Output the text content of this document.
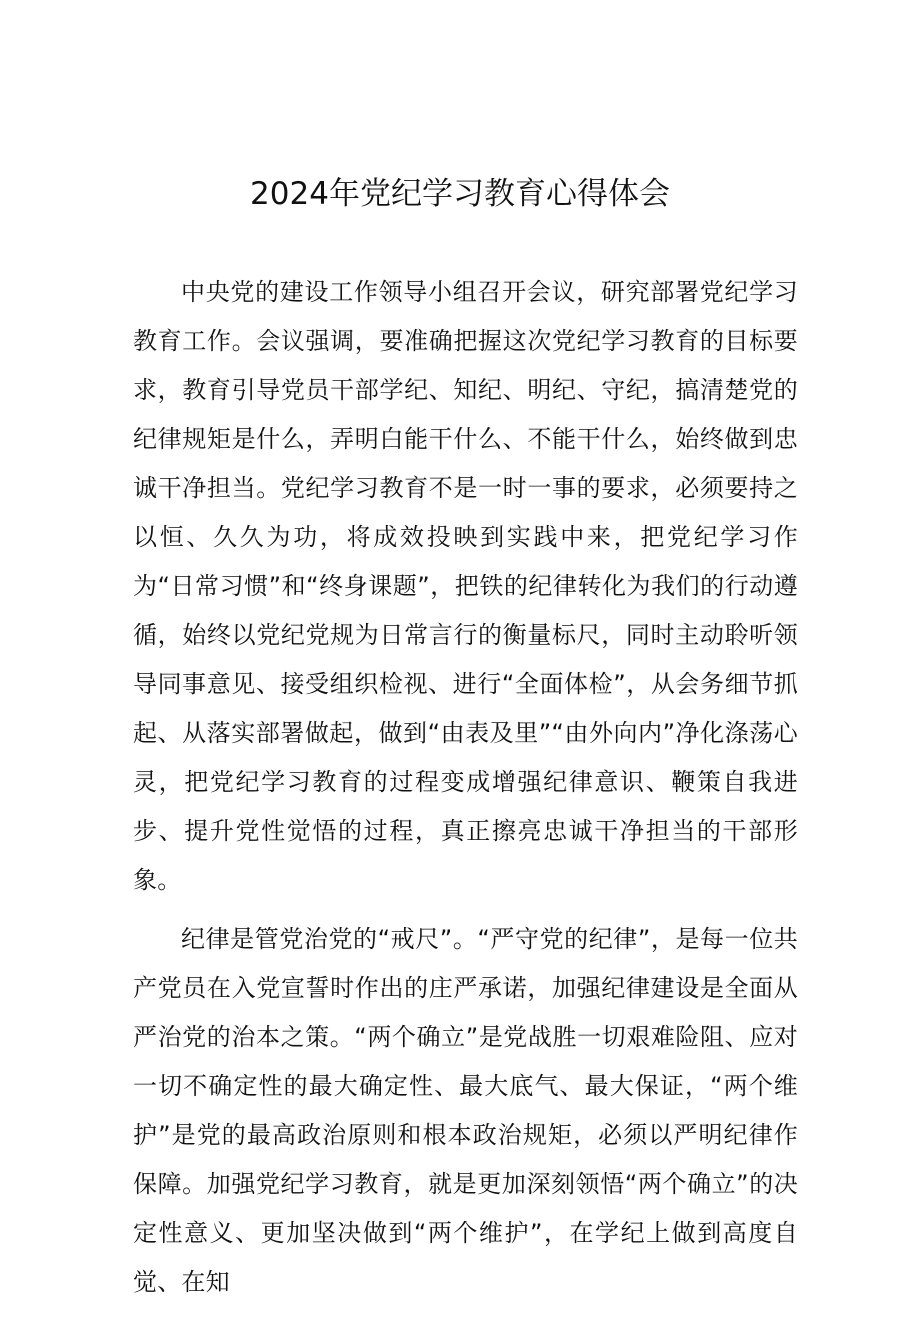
2024年党纪学习教育心得体会

中央党的建设工作领导小组召开会议，研究部署党纪学习教育工作。会议强调，要准确把握这次党纪学习教育的目标要求，教育引导党员干部学纪、知纪、明纪、守纪，搞清楚党的纪律规矩是什么，弄明白能干什么、不能干什么，始终做到忠诚干净担当。党纪学习教育不是一时一事的要求，必须要持之以恒、久久为功，将成效投映到实践中来，把党纪学习作为“日常习惯”和“终身课题”，把铁的纪律转化为我们的行动遵循，始终以党纪党规为日常言行的衡量标尺，同时主动聆听领导同事意见、接受组织检视、进行“全面体检”，从会务细节抓起、从落实部署做起，做到“由表及里”“由外向内”净化涤荡心灵，把党纪学习教育的过程变成增强纪律意识、鞭策自我进步、提升党性觉悟的过程，真正擦亮忠诚干净担当的干部形象。

纪律是管党治党的“戒尺”。“严守党的纪律”，是每一位共产党员在入党宣誓时作出的庄严承诺，加强纪律建设是全面从严治党的治本之策。“两个确立”是党战胜一切艰难险阻、应对一切不确定性的最大确定性、最大底气、最大保证，“两个维护”是党的最高政治原则和根本政治规矩，必须以严明纪律作保障。加强党纪学习教育，就是更加深刻领悟“两个确立”的决定性意义、更加坚决做到“两个维护”，在学纪上做到高度自觉、在知
